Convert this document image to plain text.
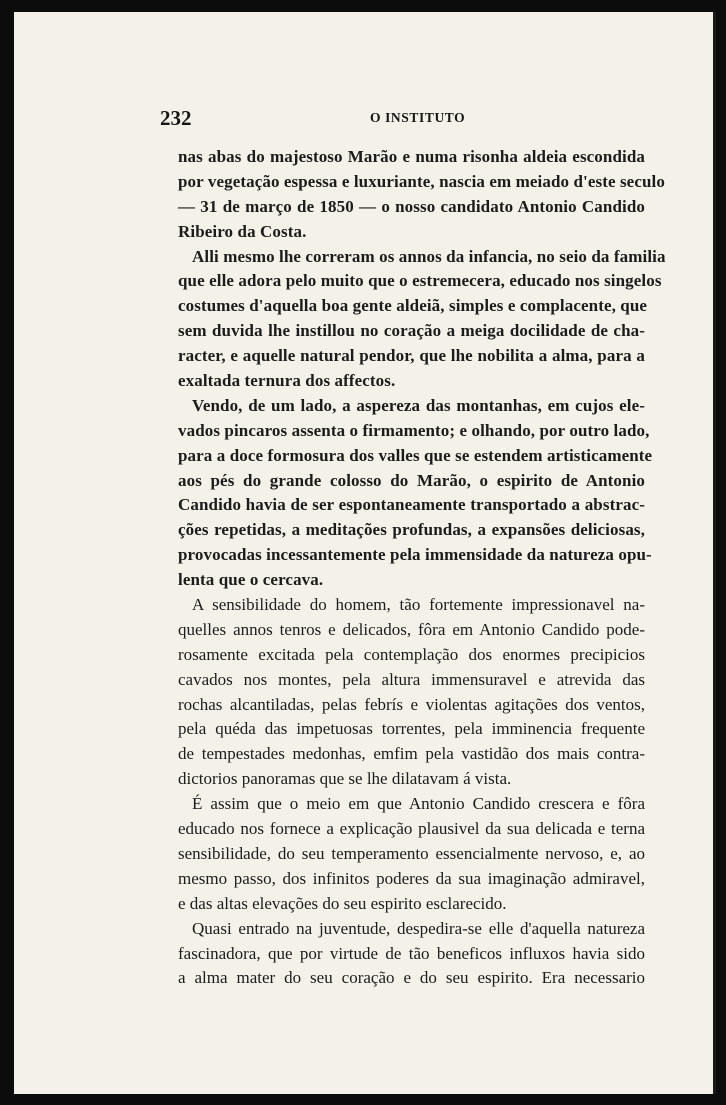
232	O INSTITUTO
nas abas do majestoso Marão e numa risonha aldeia escondida
por vegetação espessa e luxuriante, nascia em meiado d'este seculo
— 31 de março de 1850 — o nosso candidato Antonio Candido
Ribeiro da Costa.
Alli mesmo lhe correram os annos da infancia, no seio da familia
que elle adora pelo muito que o estremecera, educado nos singelos
costumes d'aquella boa gente aldeiã, simples e complacente, que
sem duvida lhe instillou no coração a meiga docilidade de cha-
racter, e aquelle natural pendor, que lhe nobilita a alma, para a
exaltada ternura dos affectos.
Vendo, de um lado, a aspereza das montanhas, em cujos ele-
vados pincaros assenta o firmamento; e olhando, por outro lado,
para a doce formosura dos valles que se estendem artisticamente
aos pés do grande colosso do Marão, o espirito de Antonio
Candido havia de ser espontaneamente transportado a abstrac-
ções repetidas, a meditações profundas, a expansões deliciosas,
provocadas incessantemente pela immensidade da natureza opu-
lenta que o cercava.
A sensibilidade do homem, tão fortemente impressionavel na-
quelles annos tenros e delicados, fôra em Antonio Candido pode-
rosamente excitada pela contemplação dos enormes precipicios
cavados nos montes, pela altura immensuravel e atrevida das
rochas alcantiladas, pelas febrís e violentas agitações dos ventos,
pela quéda das impetuosas torrentes, pela imminencia frequente
de tempestades medonhas, emfim pela vastidão dos mais contra-
dictorios panoramas que se lhe dilatavam á vista.
É assim que o meio em que Antonio Candido crescera e fôra
educado nos fornece a explicação plausivel da sua delicada e terna
sensibilidade, do seu temperamento essencialmente nervoso, e, ao
mesmo passo, dos infinitos poderes da sua imaginação admiravel,
e das altas elevações do seu espirito esclarecido.
Quasi entrado na juventude, despedira-se elle d'aquella natureza
fascinadora, que por virtude de tão beneficos influxos havia sido
a alma mater do seu coração e do seu espirito. Era necessario
